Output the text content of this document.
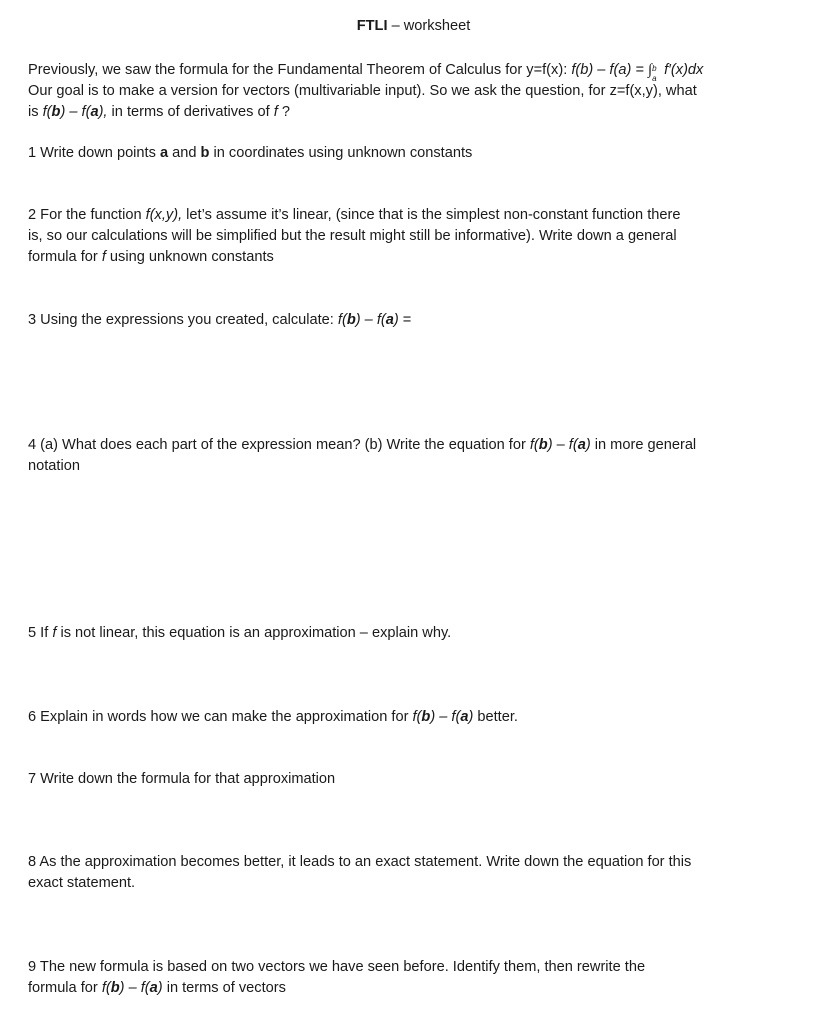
FTLI – worksheet
Previously, we saw the formula for the Fundamental Theorem of Calculus for y=f(x): f(b) – f(a) = ∫ b
a
f′(x)dx
Our goal is to make a version for vectors (multivariable input). So we ask the question, for z=f(x,y), what
is f(b) – f(a), in terms of derivatives of f ?
1 Write down points a and b in coordinates using unknown constants
2 For the function f(x,y), let’s assume it’s linear, (since that is the simplest non-constant function there
is, so our calculations will be simplified but the result might still be informative). Write down a general
formula for f using unknown constants
3 Using the expressions you created, calculate: f(b) – f(a) =
4 (a) What does each part of the expression mean? (b) Write the equation for f(b) – f(a) in more general
notation
5 If f is not linear, this equation is an approximation – explain why.
6 Explain in words how we can make the approximation for f(b) – f(a) better.
7 Write down the formula for that approximation
8 As the approximation becomes better, it leads to an exact statement. Write down the equation for this
exact statement.
9 The new formula is based on two vectors we have seen before. Identify them, then rewrite the
formula for f(b) – f(a) in terms of vectors
